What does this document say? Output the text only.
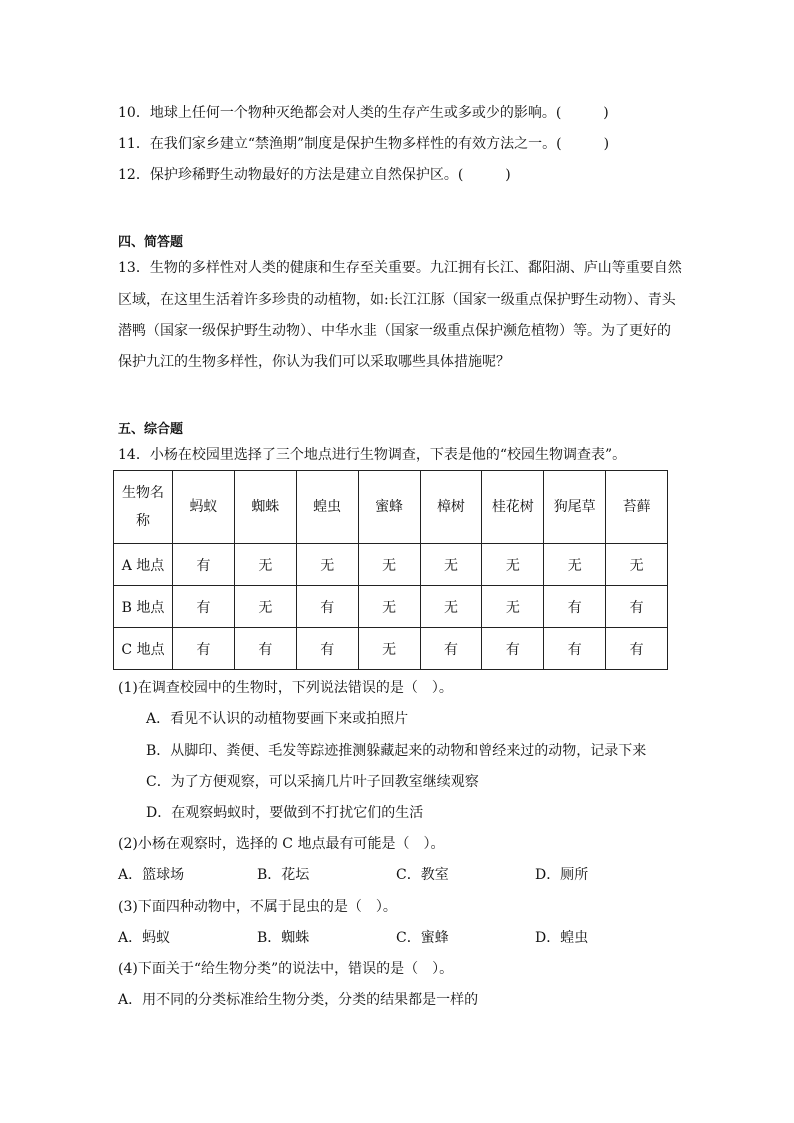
10．地球上任何一个物种灭绝都会对人类的生存产生或多或少的影响。(　　　)
11．在我们家乡建立“禁渔期”制度是保护生物多样性的有效方法之一。(　　　)
12．保护珍稀野生动物最好的方法是建立自然保护区。(　　　)
四、简答题
13．生物的多样性对人类的健康和生存至关重要。九江拥有长江、鄱阳湖、庐山等重要自然
区域，在这里生活着许多珍贵的动植物，如:长江江豚（国家一级重点保护野生动物）、青头
潜鸭（国家一级保护野生动物）、中华水韭（国家一级重点保护濒危植物）等。为了更好的
保护九江的生物多样性，你认为我们可以采取哪些具体措施呢？
五、综合题
14．小杨在校园里选择了三个地点进行生物调查，下表是他的“校园生物调查表”。
生物名
称	蚂蚁	蜘蛛	蝗虫	蜜蜂	樟树	桂花树	狗尾草	苔藓
A 地点	有	无	无	无	无	无	无	无
B 地点	有	无	有	无	无	无	有	有
C 地点	有	有	有	无	有	有	有	有
(1)在调查校园中的生物时，下列说法错误的是（　）。
A．看见不认识的动植物要画下来或拍照片
B．从脚印、粪便、毛发等踪迹推测躲藏起来的动物和曾经来过的动物，记录下来
C．为了方便观察，可以采摘几片叶子回教室继续观察
D．在观察蚂蚁时，要做到不打扰它们的生活
(2)小杨在观察时，选择的 C 地点最有可能是（　）。
A．篮球场	B．花坛	C．教室	D．厕所
(3)下面四种动物中，不属于昆虫的是（　）。
A．蚂蚁	B．蜘蛛	C．蜜蜂	D．蝗虫
(4)下面关于“给生物分类”的说法中，错误的是（　）。
A．用不同的分类标准给生物分类，分类的结果都是一样的
